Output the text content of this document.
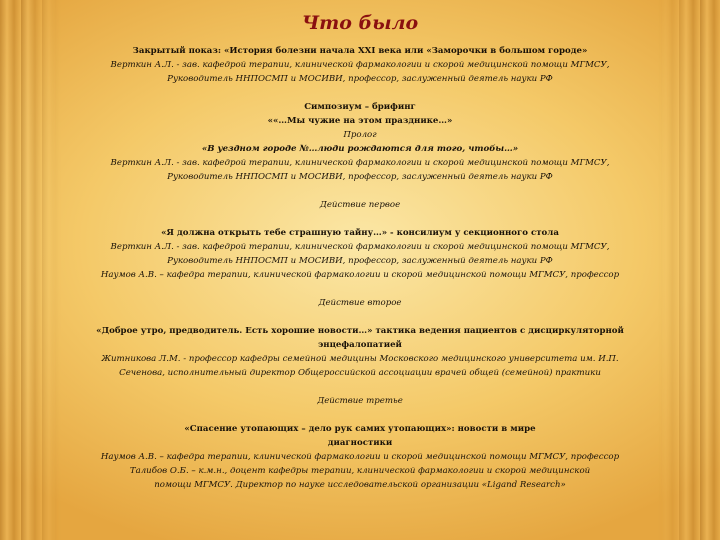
Что было
Закрытый показ: «История болезни начала XXI века или «Заморочки в большом городе»
Верткин А.Л. - зав. кафедрой терапии, клинической фармакологии и скорой медицинской помощи МГМСУ,
Руководитель ННПОСМП и МОСИВИ, профессор, заслуженный деятель науки РФ
Симпозиум – брифинг
««…Мы чужие на этом празднике…»
Пролог
«В уездном городе №…люди рождаются для того, чтобы…»
Верткин А.Л. - зав. кафедрой терапии, клинической фармакологии и скорой медицинской помощи МГМСУ,
Руководитель ННПОСМП и МОСИВИ, профессор, заслуженный деятель науки РФ
Действие первое
«Я должна открыть тебе страшную тайну…» - консилиум у секционного стола
Верткин А.Л. - зав. кафедрой терапии, клинической фармакологии и скорой медицинской помощи МГМСУ,
Руководитель ННПОСМП и МОСИВИ, профессор, заслуженный деятель науки РФ
Наумов А.В. – кафедра терапии, клинической фармакологии и скорой медицинской помощи МГМСУ, профессор
Действие второе
«Доброе утро, предводитель. Есть хорошие новости…» тактика ведения пациентов с дисциркуляторной
энцефалопатией
Житникова Л.М. - профессор кафедры семейной медицины Московского медицинского университета им. И.П.
Сеченова, исполнительный директор Общероссийской ассоциации врачей общей (семейной) практики
Действие третье
«Спасение утопающих – дело рук самих утопающих»: новости в мире
диагностики
Наумов А.В. – кафедра терапии, клинической фармакологии и скорой медицинской помощи МГМСУ, профессор
Талибов О.Б. – к.м.н., доцент кафедры терапии, клинической фармакологии и скорой медицинской
помощи МГМСУ. Директор по науке исследовательской организации «Ligand Research»
